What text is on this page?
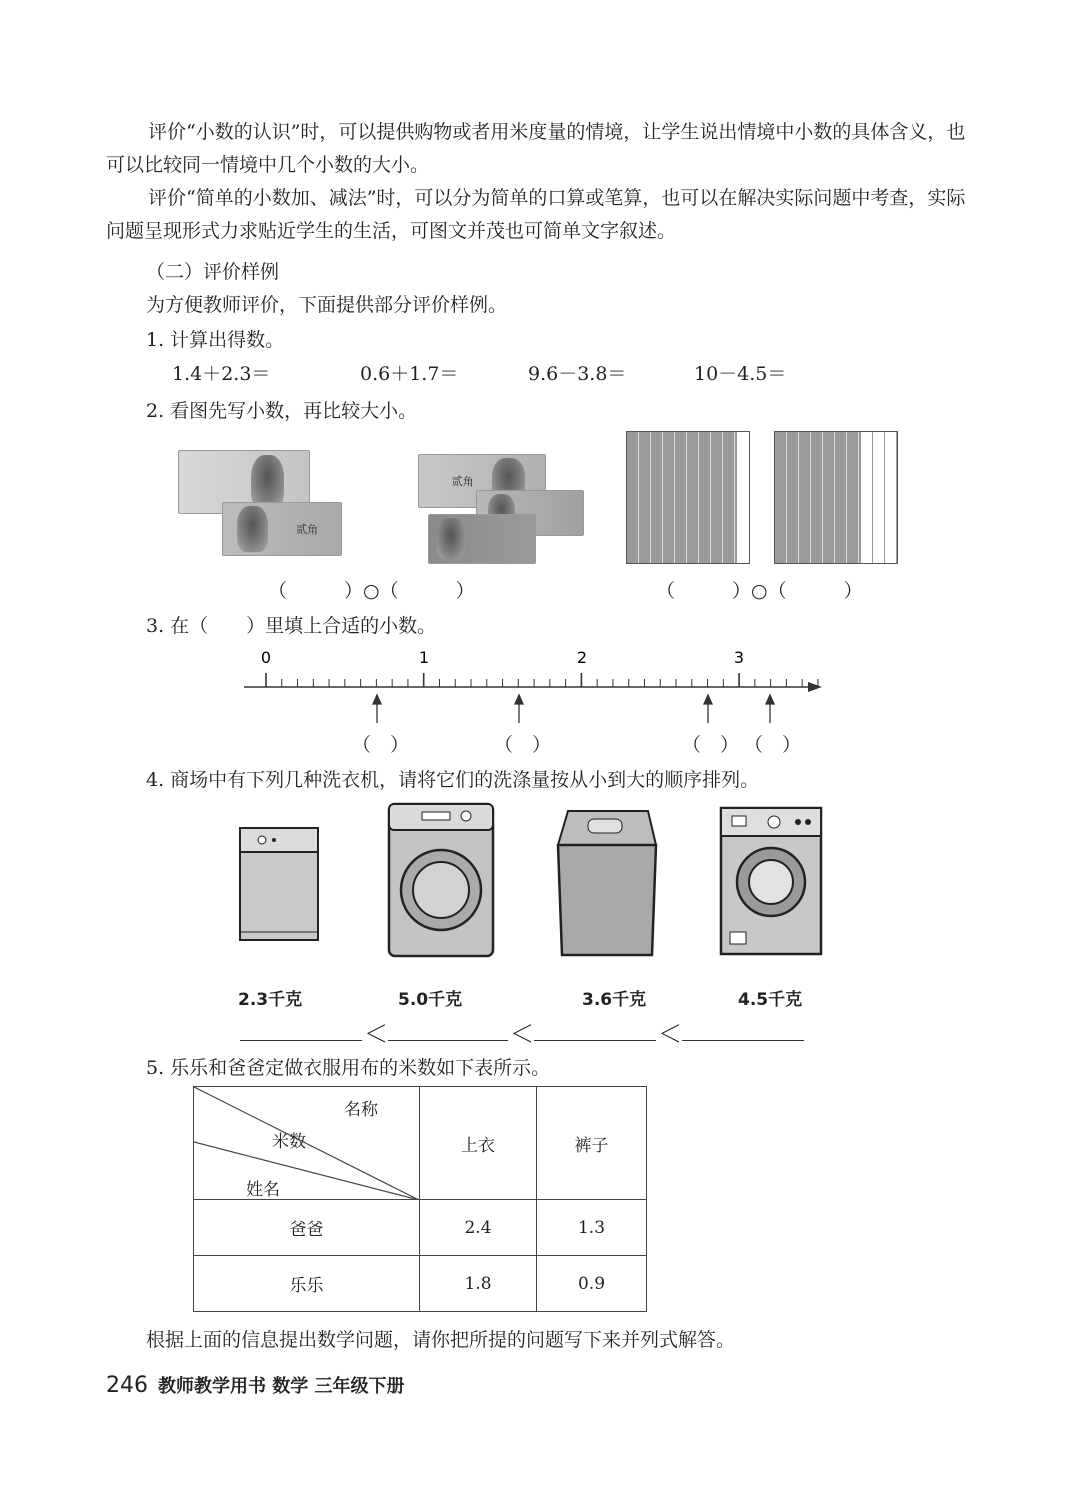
评价“小数的认识”时，可以提供购物或者用米度量的情境，让学生说出情境中小数的具体含义，也可以比较同一情境中几个小数的大小。
评价“简单的小数加、减法”时，可以分为简单的口算或笔算，也可以在解决实际问题中考查，实际问题呈现形式力求贴近学生的生活，可图文并茂也可简单文字叙述。
（二）评价样例
为方便教师评价，下面提供部分评价样例。
1. 计算出得数。
1.4＋2.3＝	0.6＋1.7＝	9.6－3.8＝	10－4.5＝
2. 看图先写小数，再比较大小。
贰角
贰角
（　　　）○（　　　）	（　　　）○（　　　）
3. 在（　　）里填上合适的小数。
0	1	2	3
（　）	（　）	（　） （　）
4. 商场中有下列几种洗衣机，请将它们的洗涤量按从小到大的顺序排列。
2.3千克	5.0千克	3.6千克	4.5千克
＜	＜	＜
5. 乐乐和爸爸定做衣服用布的米数如下表所示。
名称
米数
姓名	上衣	裤子
爸爸	2.4	1.3
乐乐	1.8	0.9
根据上面的信息提出数学问题，请你把所提的问题写下来并列式解答。
246 教师教学用书 数学 三年级下册
